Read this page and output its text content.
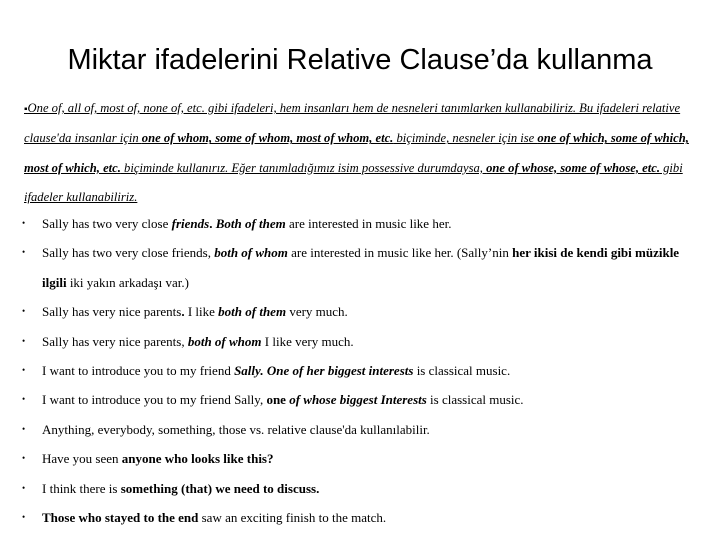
Miktar ifadelerini Relative Clause’da kullanma
▪One of, all of, most of, none of, etc. gibi ifadeleri, hem insanları hem de nesneleri tanımlarken kullanabiliriz. Bu ifadeleri relative clause'da insanlar için one of whom, some of whom, most of whom, etc. biçiminde, nesneler için ise one of which, some of which, most of which, etc. biçiminde kullanırız. Eğer tanımladığımız isim possessive durumdaysa, one of whose, some of whose, etc. gibi ifadeler kullanabiliriz.
• Sally has two very close friends. Both of them are interested in music like her.
• Sally has two very close friends, both of whom are interested in music like her. (Sally’nin her ikisi de kendi gibi müzikle ilgili iki yakın arkadaşı var.)
• Sally has very nice parents. I like both of them very much.
• Sally has very nice parents, both of whom I like very much.
• I want to introduce you to my friend Sally. One of her biggest interests is classical music.
• I want to introduce you to my friend Sally, one of whose biggest Interests is classical music.
• Anything, everybody, something, those vs. relative clause'da kullanılabilir.
• Have you seen anyone who looks like this?
• I think there is something (that) we need to discuss.
• Those who stayed to the end saw an exciting finish to the match.
